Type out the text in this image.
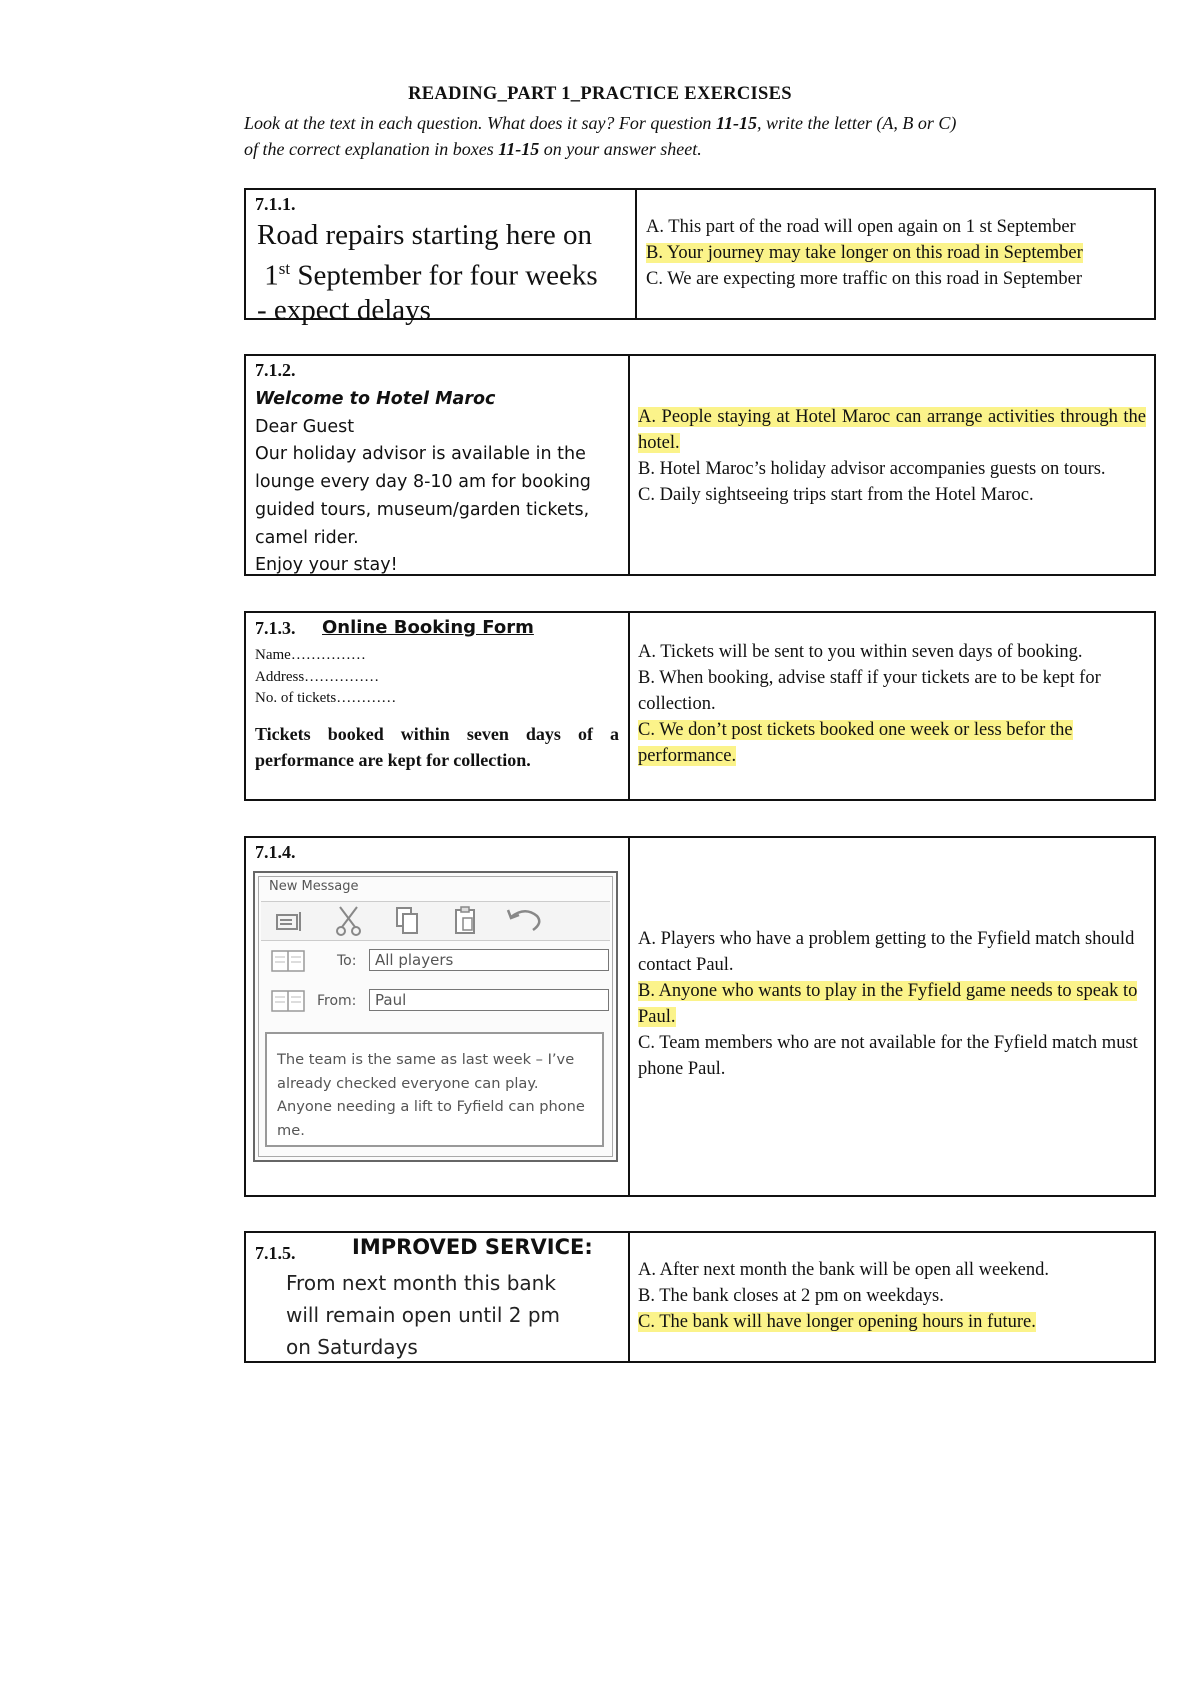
READING_PART 1_PRACTICE EXERCISES
Look at the text in each question. What does it say? For question 11-15, write the letter (A, B or C)
of the correct explanation in boxes 11-15 on your answer sheet.
7.1.1.
Road repairs starting here on
1st September for four weeks
- expect delays
A. This part of the road will open again on 1 st September
B. Your journey may take longer on this road in September
C. We are expecting more traffic on this road in September
7.1.2.
Welcome to Hotel Maroc
Dear Guest
Our holiday advisor is available in the
lounge every day 8-10 am for booking
guided tours, museum/garden tickets,
camel rider.
Enjoy your stay!
A. People staying at Hotel Maroc can arrange activities through the hotel.
B. Hotel Maroc’s holiday advisor accompanies guests on tours.
C. Daily sightseeing trips start from the Hotel Maroc.
7.1.3. Online Booking Form
Name……………
Address……………
No. of tickets…………
Tickets booked within seven days of a performance are kept for collection.
A. Tickets will be sent to you within seven days of booking.
B. When booking, advise staff if your tickets are to be kept for collection.
C. We don’t post tickets booked one week or less befor the performance.
7.1.4.
New Message
To:	All players
From:	Paul
The team is the same as last week – I’ve already checked everyone can play. Anyone needing a lift to Fyfield can phone me.
A. Players who have a problem getting to the Fyfield match should contact Paul.
B. Anyone who wants to play in the Fyfield game needs to speak to Paul.
C. Team members who are not available for the Fyfield match must phone Paul.
7.1.5.	IMPROVED SERVICE:
From next month this bank
will remain open until 2 pm
on Saturdays
A. After next month the bank will be open all weekend.
B. The bank closes at 2 pm on weekdays.
C. The bank will have longer opening hours in future.
